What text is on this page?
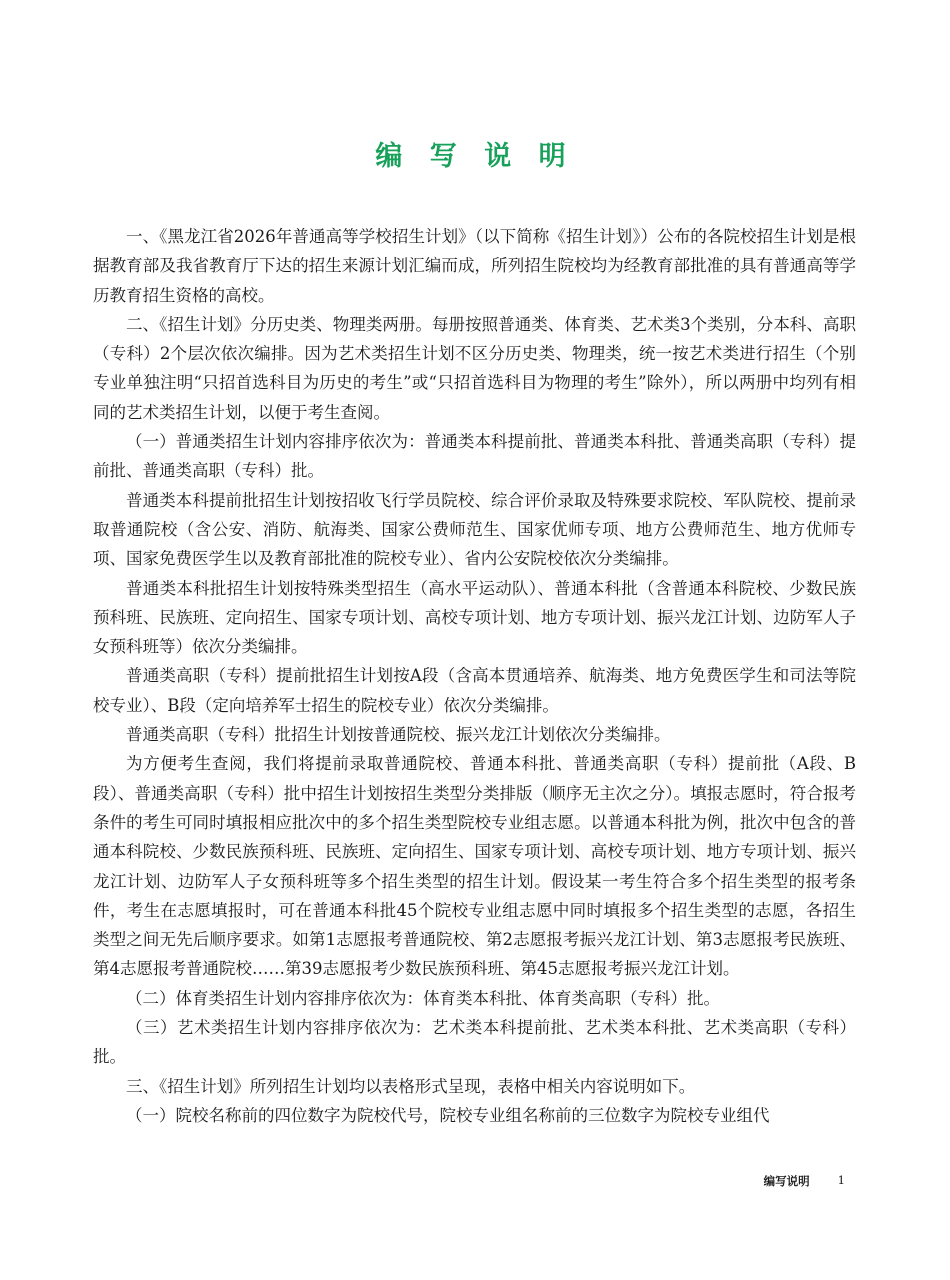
编 写 说 明

一、《黑龙江省2026年普通高等学校招生计划》（以下简称《招生计划》）公布的各院校招生计划是根据教育部及我省教育厅下达的招生来源计划汇编而成，所列招生院校均为经教育部批准的具有普通高等学历教育招生资格的高校。

二、《招生计划》分历史类、物理类两册。每册按照普通类、体育类、艺术类3个类别，分本科、高职（专科）2个层次依次编排。因为艺术类招生计划不区分历史类、物理类，统一按艺术类进行招生（个别专业单独注明“只招首选科目为历史的考生”或“只招首选科目为物理的考生”除外），所以两册中均列有相同的艺术类招生计划，以便于考生查阅。

（一）普通类招生计划内容排序依次为：普通类本科提前批、普通类本科批、普通类高职（专科）提前批、普通类高职（专科）批。

普通类本科提前批招生计划按招收飞行学员院校、综合评价录取及特殊要求院校、军队院校、提前录取普通院校（含公安、消防、航海类、国家公费师范生、国家优师专项、地方公费师范生、地方优师专项、国家免费医学生以及教育部批准的院校专业）、省内公安院校依次分类编排。

普通类本科批招生计划按特殊类型招生（高水平运动队）、普通本科批（含普通本科院校、少数民族预科班、民族班、定向招生、国家专项计划、高校专项计划、地方专项计划、振兴龙江计划、边防军人子女预科班等）依次分类编排。

普通类高职（专科）提前批招生计划按A段（含高本贯通培养、航海类、地方免费医学生和司法等院校专业）、B段（定向培养军士招生的院校专业）依次分类编排。

普通类高职（专科）批招生计划按普通院校、振兴龙江计划依次分类编排。

为方便考生查阅，我们将提前录取普通院校、普通本科批、普通类高职（专科）提前批（A段、B段）、普通类高职（专科）批中招生计划按招生类型分类排版（顺序无主次之分）。填报志愿时，符合报考条件的考生可同时填报相应批次中的多个招生类型院校专业组志愿。以普通本科批为例，批次中包含的普通本科院校、少数民族预科班、民族班、定向招生、国家专项计划、高校专项计划、地方专项计划、振兴龙江计划、边防军人子女预科班等多个招生类型的招生计划。假设某一考生符合多个招生类型的报考条件，考生在志愿填报时，可在普通本科批45个院校专业组志愿中同时填报多个招生类型的志愿，各招生类型之间无先后顺序要求。如第1志愿报考普通院校、第2志愿报考振兴龙江计划、第3志愿报考民族班、第4志愿报考普通院校……第39志愿报考少数民族预科班、第45志愿报考振兴龙江计划。

（二）体育类招生计划内容排序依次为：体育类本科批、体育类高职（专科）批。

（三）艺术类招生计划内容排序依次为：艺术类本科提前批、艺术类本科批、艺术类高职（专科）批。

三、《招生计划》所列招生计划均以表格形式呈现，表格中相关内容说明如下。

（一）院校名称前的四位数字为院校代号，院校专业组名称前的三位数字为院校专业组代

编写说明 1
